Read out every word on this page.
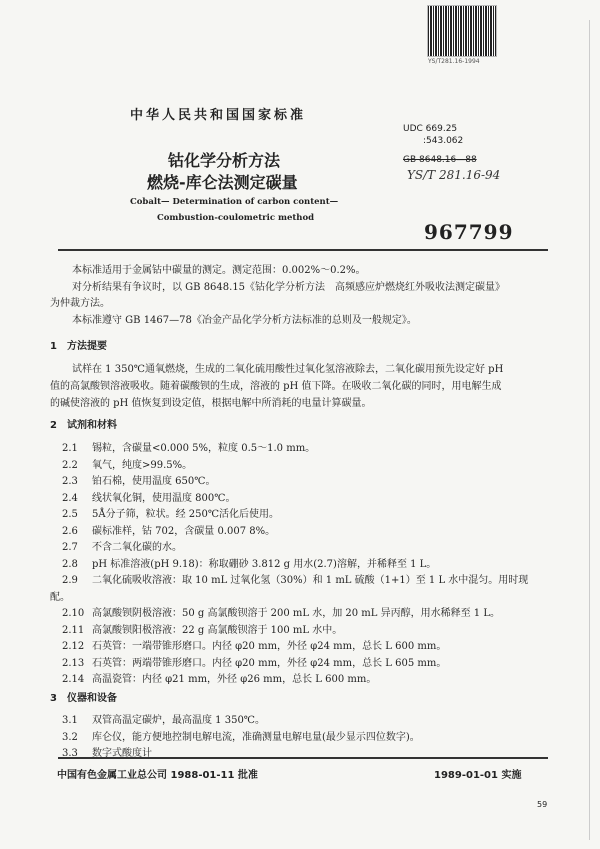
YS/T281.16-1994
中华人民共和国国家标准
钴化学分析方法
燃烧-库仑法测定碳量
Cobalt— Determination of carbon content—
Combustion-coulometric method
UDC 669.25
:543.062
GB 8648.16—88
YS/T 281.16-94
967799
本标准适用于金属钴中碳量的测定。测定范围：0.002%～0.2%。
对分析结果有争议时，以 GB 8648.15《钴化学分析方法　高频感应炉燃烧红外吸收法测定碳量》
为仲裁方法。
本标准遵守 GB 1467—78《冶金产品化学分析方法标准的总则及一般规定》。
1　方法提要
试样在 1 350℃通氧燃烧，生成的二氧化硫用酸性过氧化氢溶液除去，二氧化碳用预先设定好 pH
值的高氯酸钡溶液吸收。随着碳酸钡的生成，溶液的 pH 值下降。在吸收二氧化碳的同时，用电解生成
的碱使溶液的 pH 值恢复到设定值，根据电解中所消耗的电量计算碳量。
2　试剂和材料
3　仪器和设备
中国有色金属工业总公司 1988-01-11 批准	1989-01-01 实施
59
2.1 锡粒，含碳量<0.000 5%，粒度 0.5～1.0 mm。
2.2 氧气，纯度>99.5%。
2.3 铂石棉，使用温度 650℃。
2.4 线状氧化铜，使用温度 800℃。
2.5 5Å分子筛，粒状。经 250℃活化后使用。
2.6 碳标准样，钴 702，含碳量 0.007 8%。
2.7 不含二氧化碳的水。
2.8 pH 标准溶液(pH 9.18)：称取硼砂 3.812 g 用水(2.7)溶解，并稀释至 1 L。
2.9 二氧化硫吸收溶液：取 10 mL 过氧化氢（30%）和 1 mL 硫酸（1+1）至 1 L 水中混匀。用时现
配。
2.10 高氯酸钡阴极溶液：50 g 高氯酸钡溶于 200 mL 水，加 20 mL 异丙醇，用水稀释至 1 L。
2.11 高氯酸钡阳极溶液：22 g 高氯酸钡溶于 100 mL 水中。
2.12 石英管：一端带锥形磨口。内径 φ20 mm，外径 φ24 mm，总长 L 600 mm。
2.13 石英管：两端带锥形磨口。内径 φ20 mm，外径 φ24 mm，总长 L 605 mm。
2.14 高温瓷管：内径 φ21 mm，外径 φ26 mm，总长 L 600 mm。
3.1 双管高温定碳炉，最高温度 1 350℃。
3.2 库仑仪，能方便地控制电解电流，准确测量电解电量(最少显示四位数字)。
3.3 数字式酸度计
